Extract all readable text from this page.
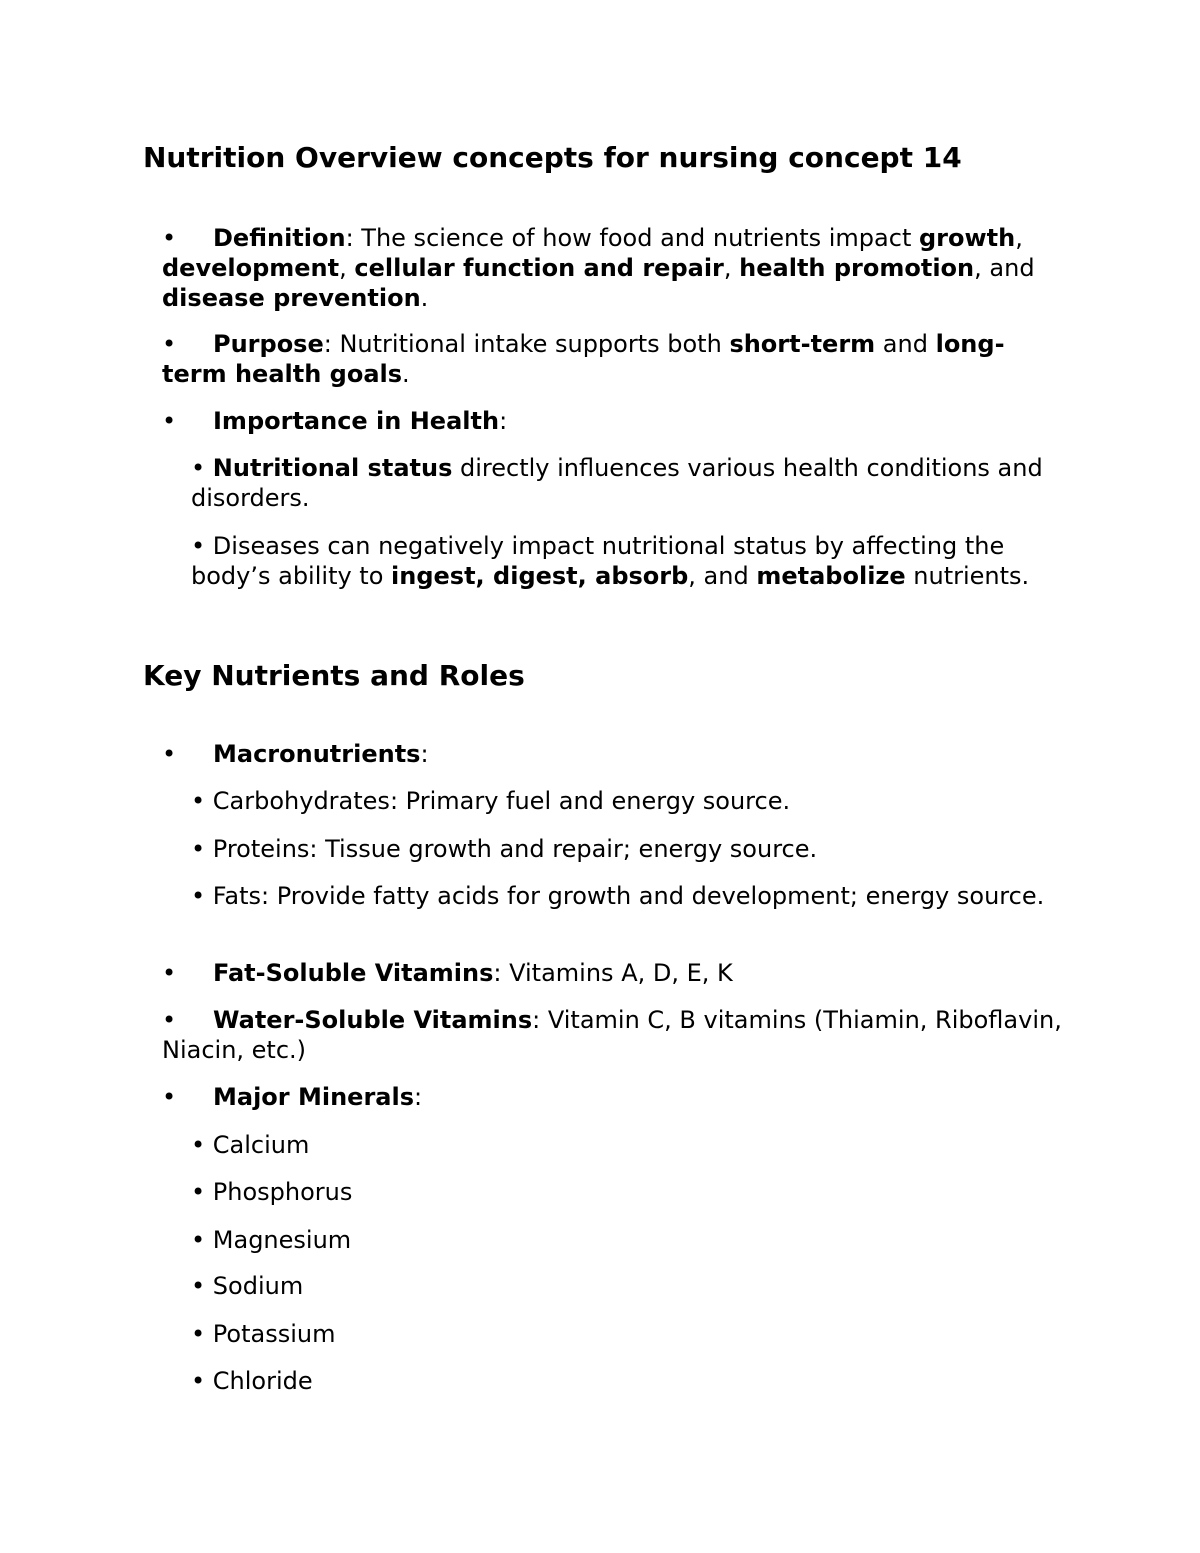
Nutrition Overview concepts for nursing concept 14

• Definition: The science of how food and nutrients impact growth, development, cellular function and repair, health promotion, and disease prevention.

• Purpose: Nutritional intake supports both short-term and long-term health goals.

• Importance in Health:

• Nutritional status directly influences various health conditions and disorders.

• Diseases can negatively impact nutritional status by affecting the body’s ability to ingest, digest, absorb, and metabolize nutrients.

Key Nutrients and Roles

• Macronutrients:

• Carbohydrates: Primary fuel and energy source.

• Proteins: Tissue growth and repair; energy source.

• Fats: Provide fatty acids for growth and development; energy source.

• Fat-Soluble Vitamins: Vitamins A, D, E, K

• Water-Soluble Vitamins: Vitamin C, B vitamins (Thiamin, Riboflavin, Niacin, etc.)

• Major Minerals:

• Calcium

• Phosphorus

• Magnesium

• Sodium

• Potassium

• Chloride
